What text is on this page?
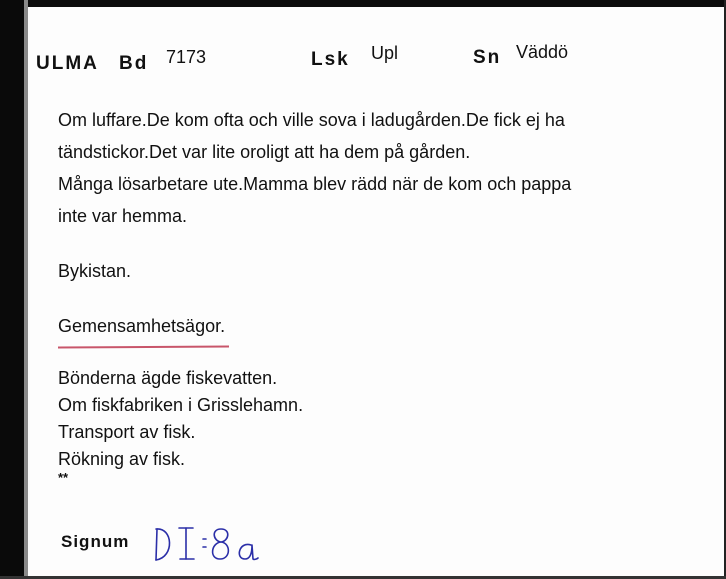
ULMA Bd 7173	Lsk Upl	Sn Väddö
Om luffare.De kom ofta och ville sova i ladugården.De fick ej ha
tändstickor.Det var lite oroligt att ha dem på gården.
Många lösarbetare ute.Mamma blev rädd när de kom och pappa
inte var hemma.
Bykistan.
Gemensamhetsägor.
Bönderna ägde fiskevatten.
Om fiskfabriken i Grisslehamn.
Transport av fisk.
Rökning av fisk.
**
Signum
